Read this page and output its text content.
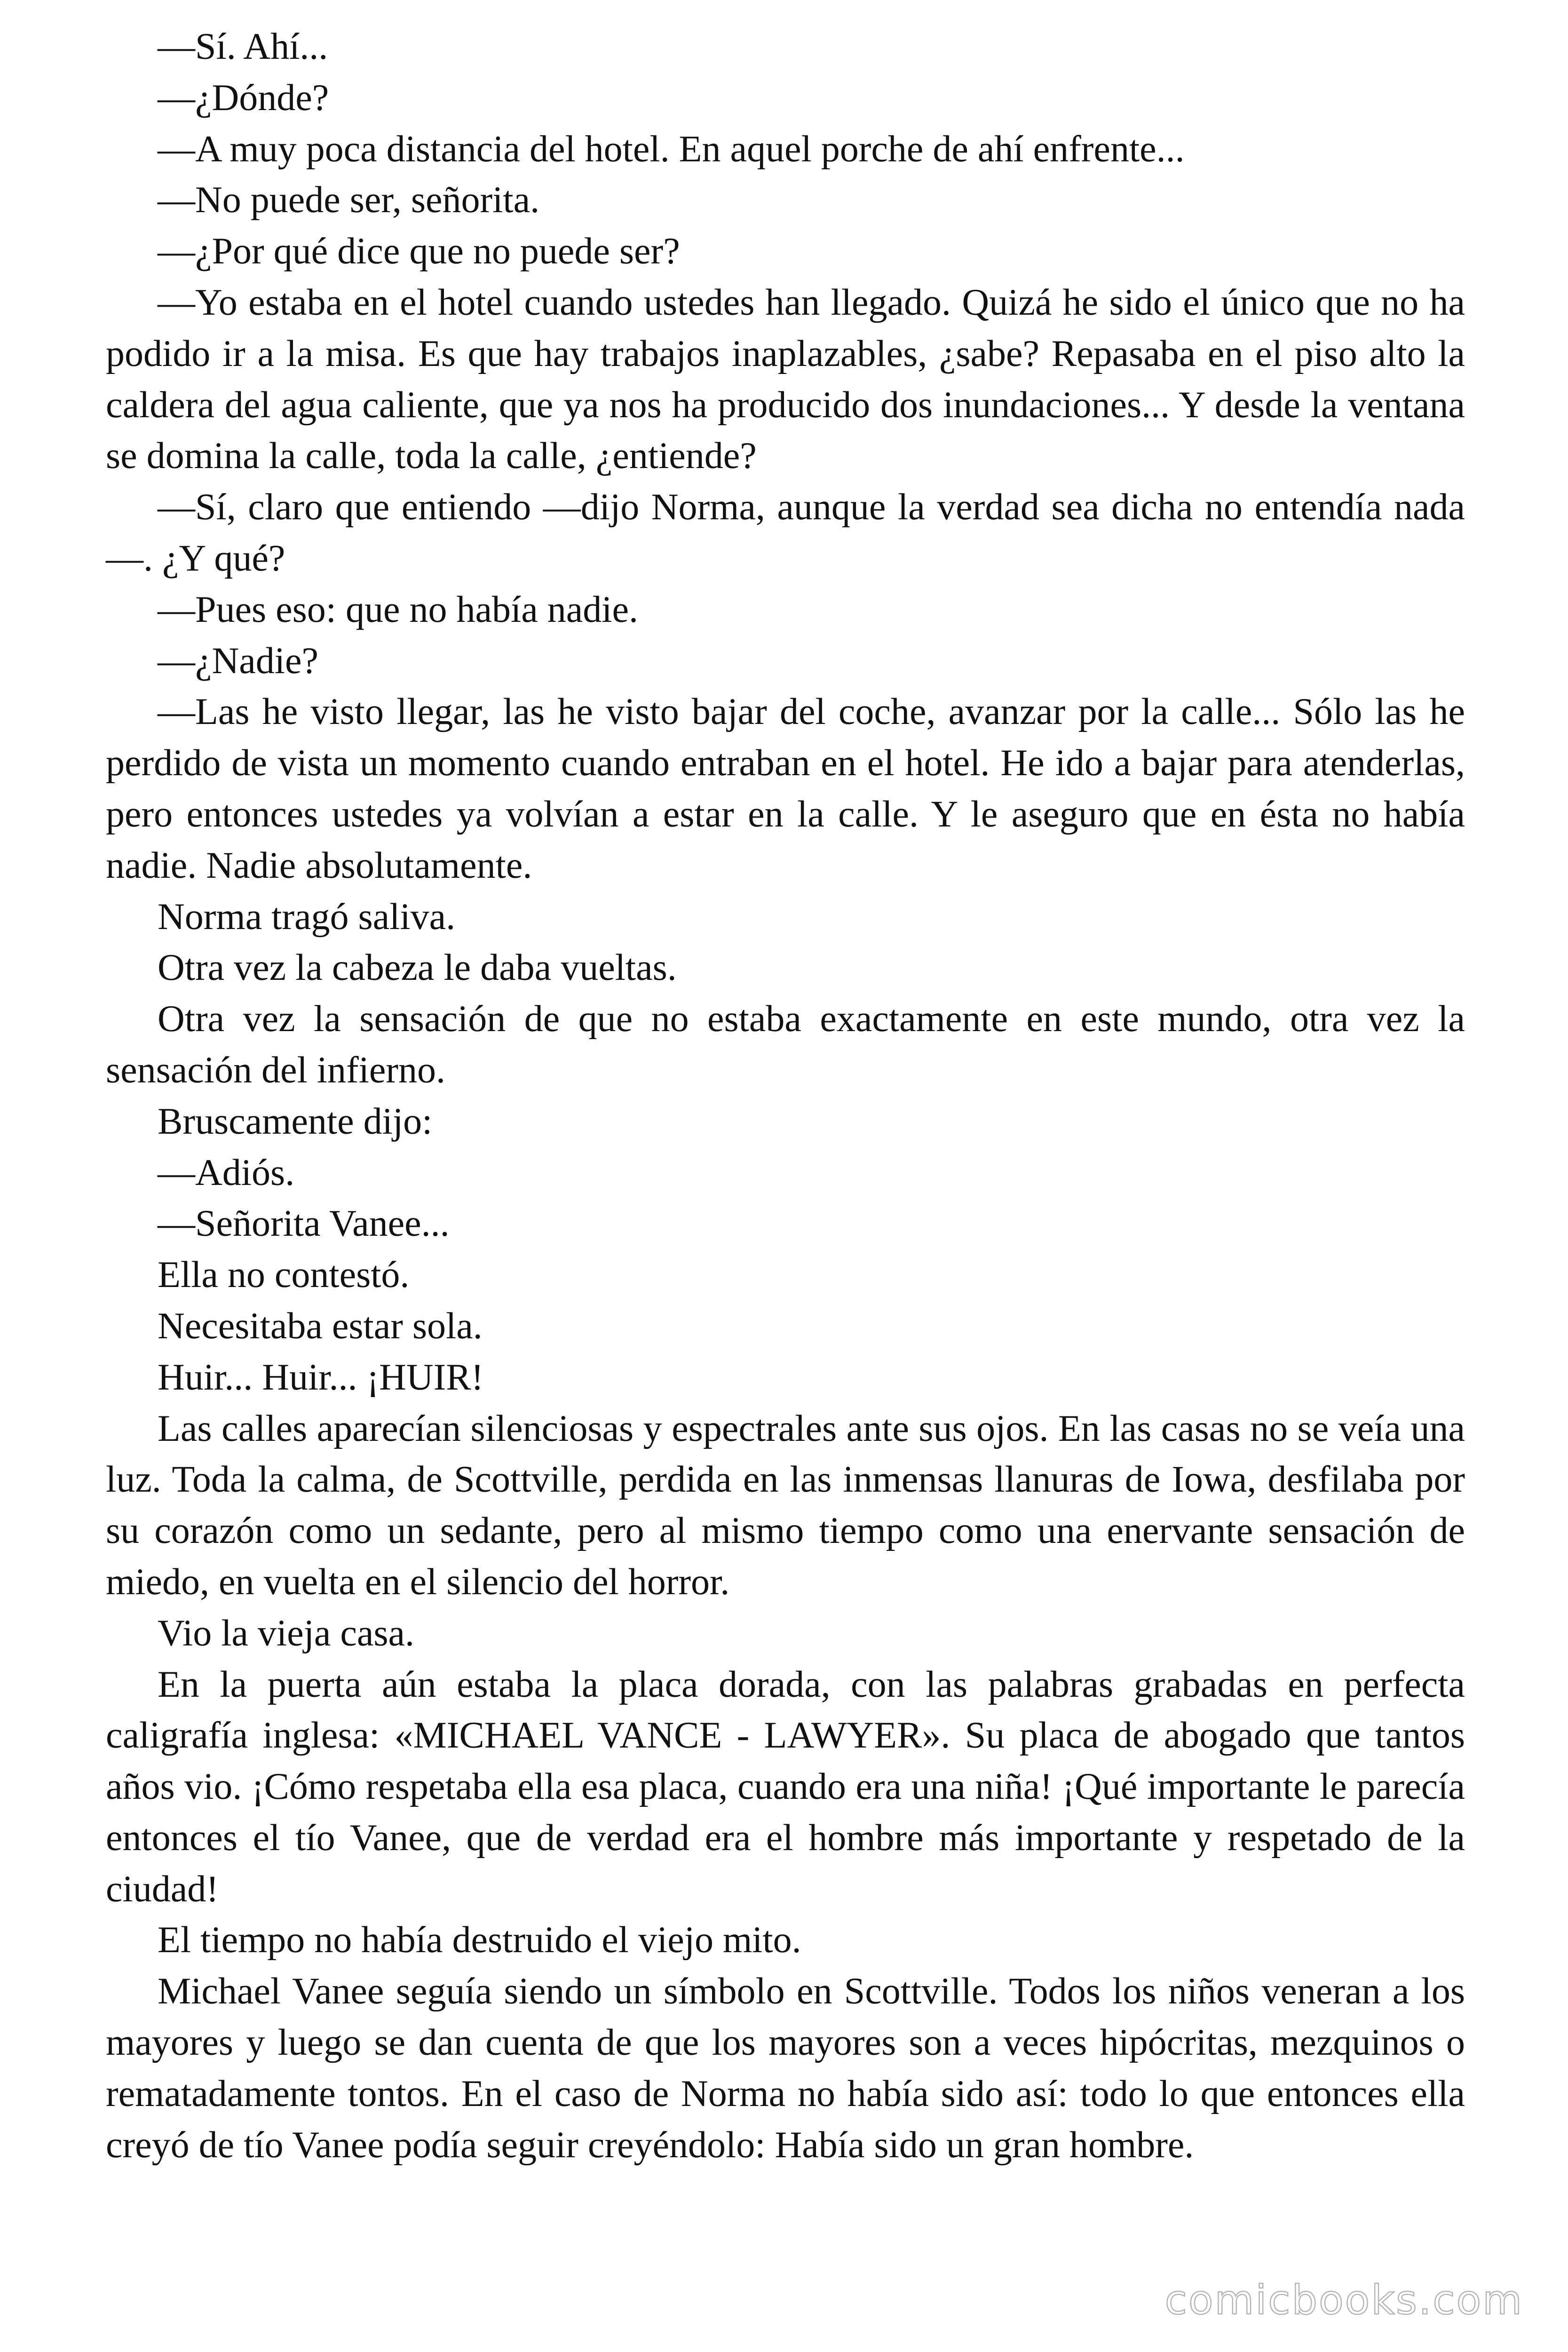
—Sí. Ahí...

—¿Dónde?

—A muy poca distancia del hotel. En aquel porche de ahí enfrente...

—No puede ser, señorita.

—¿Por qué dice que no puede ser?

—Yo estaba en el hotel cuando ustedes han llegado. Quizá he sido el único que no ha podido ir a la misa. Es que hay trabajos inaplazables, ¿sabe? Repasaba en el piso alto la caldera del agua caliente, que ya nos ha producido dos inundaciones... Y desde la ventana se domina la calle, toda la calle, ¿entiende?

—Sí, claro que entiendo —dijo Norma, aunque la verdad sea dicha no entendía nada—. ¿Y qué?

—Pues eso: que no había nadie.

—¿Nadie?

—Las he visto llegar, las he visto bajar del coche, avanzar por la calle... Sólo las he perdido de vista un momento cuando entraban en el hotel. He ido a bajar para atenderlas, pero entonces ustedes ya volvían a estar en la calle. Y le aseguro que en ésta no había nadie. Nadie absolutamente.

Norma tragó saliva.

Otra vez la cabeza le daba vueltas.

Otra vez la sensación de que no estaba exactamente en este mundo, otra vez la sensación del infierno.

Bruscamente dijo:

—Adiós.

—Señorita Vanee...

Ella no contestó.

Necesitaba estar sola.

Huir... Huir... ¡HUIR!

Las calles aparecían silenciosas y espectrales ante sus ojos. En las casas no se veía una luz. Toda la calma, de Scottville, perdida en las inmensas llanuras de Iowa, desfilaba por su corazón como un sedante, pero al mismo tiempo como una enervante sensación de miedo, en vuelta en el silencio del horror.

Vio la vieja casa.

En la puerta aún estaba la placa dorada, con las palabras grabadas en perfecta caligrafía inglesa: «MICHAEL VANCE - LAWYER». Su placa de abogado que tantos años vio. ¡Cómo respetaba ella esa placa, cuando era una niña! ¡Qué importante le parecía entonces el tío Vanee, que de verdad era el hombre más importante y respetado de la ciudad!

El tiempo no había destruido el viejo mito.

Michael Vanee seguía siendo un símbolo en Scottville. Todos los niños veneran a los mayores y luego se dan cuenta de que los mayores son a veces hipócritas, mezquinos o rematadamente tontos. En el caso de Norma no había sido así: todo lo que entonces ella creyó de tío Vanee podía seguir creyéndolo: Había sido un gran hombre.

comicbooks.com
